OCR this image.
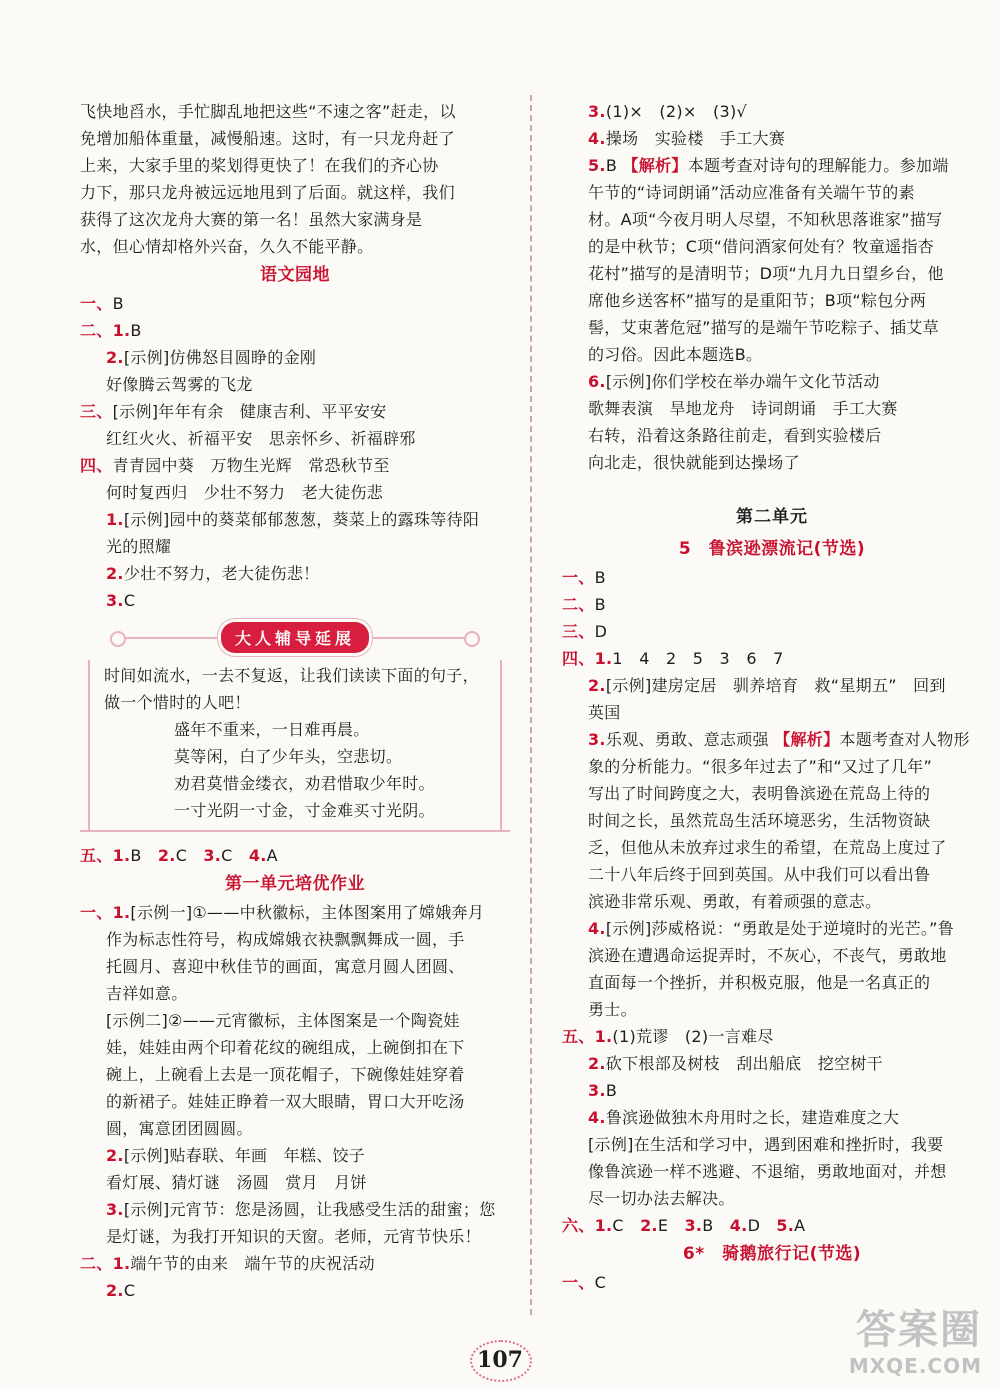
飞快地舀水，手忙脚乱地把这些“不速之客”赶走，以
免增加船体重量，减慢船速。这时，有一只龙舟赶了
上来，大家手里的桨划得更快了！在我们的齐心协
力下，那只龙舟被远远地甩到了后面。就这样，我们
获得了这次龙舟大赛的第一名！虽然大家满身是
水，但心情却格外兴奋，久久不能平静。
语文园地
一、B
二、1.B
2.[示例]仿佛怒目圆睁的金刚
好像腾云驾雾的飞龙
三、[示例]年年有余　健康吉利、平平安安
红红火火、祈福平安　思亲怀乡、祈福辟邪
四、青青园中葵　万物生光辉　常恐秋节至
何时复西归　少壮不努力　老大徒伤悲
1.[示例]园中的葵菜郁郁葱葱，葵菜上的露珠等待阳
光的照耀
2.少壮不努力，老大徒伤悲！
3.C
大人辅导延展
时间如流水，一去不复返，让我们读读下面的句子，
做一个惜时的人吧！
盛年不重来，一日难再晨。
莫等闲，白了少年头，空悲切。
劝君莫惜金缕衣，劝君惜取少年时。
一寸光阴一寸金，寸金难买寸光阴。
五、1.B 2.C 3.C 4.A
第一单元培优作业
一、1.[示例一]①——中秋徽标，主体图案用了嫦娥奔月
作为标志性符号，构成嫦娥衣袂飘飘舞成一圆，手
托圆月、喜迎中秋佳节的画面，寓意月圆人团圆、
吉祥如意。
[示例二]②——元宵徽标，主体图案是一个陶瓷娃
娃，娃娃由两个印着花纹的碗组成，上碗倒扣在下
碗上，上碗看上去是一顶花帽子，下碗像娃娃穿着
的新裙子。娃娃正睁着一双大眼睛，胃口大开吃汤
圆，寓意团团圆圆。
2.[示例]贴春联、年画　年糕、饺子
看灯展、猜灯谜　汤圆　赏月　月饼
3.[示例]元宵节：您是汤圆，让我感受生活的甜蜜；您
是灯谜，为我打开知识的天窗。老师，元宵节快乐！
二、1.端午节的由来　端午节的庆祝活动
2.C
3.(1)×　(2)×　(3)√
4.操场　实验楼　手工大赛
5.B 【解析】本题考查对诗句的理解能力。参加端
午节的“诗词朗诵”活动应准备有关端午节的素
材。A项“今夜月明人尽望，不知秋思落谁家”描写
的是中秋节；C项“借问酒家何处有？牧童遥指杏
花村”描写的是清明节；D项“九月九日望乡台，他
席他乡送客杯”描写的是重阳节；B项“粽包分两
髻，艾束著危冠”描写的是端午节吃粽子、插艾草
的习俗。因此本题选B。
6.[示例]你们学校在举办端午文化节活动
歌舞表演　旱地龙舟　诗词朗诵　手工大赛
右转，沿着这条路往前走，看到实验楼后
向北走，很快就能到达操场了
第二单元
5　鲁滨逊漂流记(节选)
一、B
二、B
三、D
四、1.1　4　2　5　3　6　7
2.[示例]建房定居　驯养培育　救“星期五”　回到
英国
3.乐观、勇敢、意志顽强 【解析】本题考查对人物形
象的分析能力。“很多年过去了”和“又过了几年”
写出了时间跨度之大，表明鲁滨逊在荒岛上待的
时间之长，虽然荒岛生活环境恶劣，生活物资缺
乏，但他从未放弃过求生的希望，在荒岛上度过了
二十八年后终于回到英国。从中我们可以看出鲁
滨逊非常乐观、勇敢，有着顽强的意志。
4.[示例]莎威格说：“勇敢是处于逆境时的光芒。”鲁
滨逊在遭遇命运捉弄时，不灰心，不丧气，勇敢地
直面每一个挫折，并积极克服，他是一名真正的
勇士。
五、1.(1)荒谬　(2)一言难尽
2.砍下根部及树枝　刮出船底　挖空树干
3.B
4.鲁滨逊做独木舟用时之长，建造难度之大
[示例]在生活和学习中，遇到困难和挫折时，我要
像鲁滨逊一样不逃避、不退缩，勇敢地面对，并想
尽一切办法去解决。
六、1.C 2.E 3.B 4.D 5.A
6*　骑鹅旅行记(节选)
一、C
107
答案圈
MXQE.COM
